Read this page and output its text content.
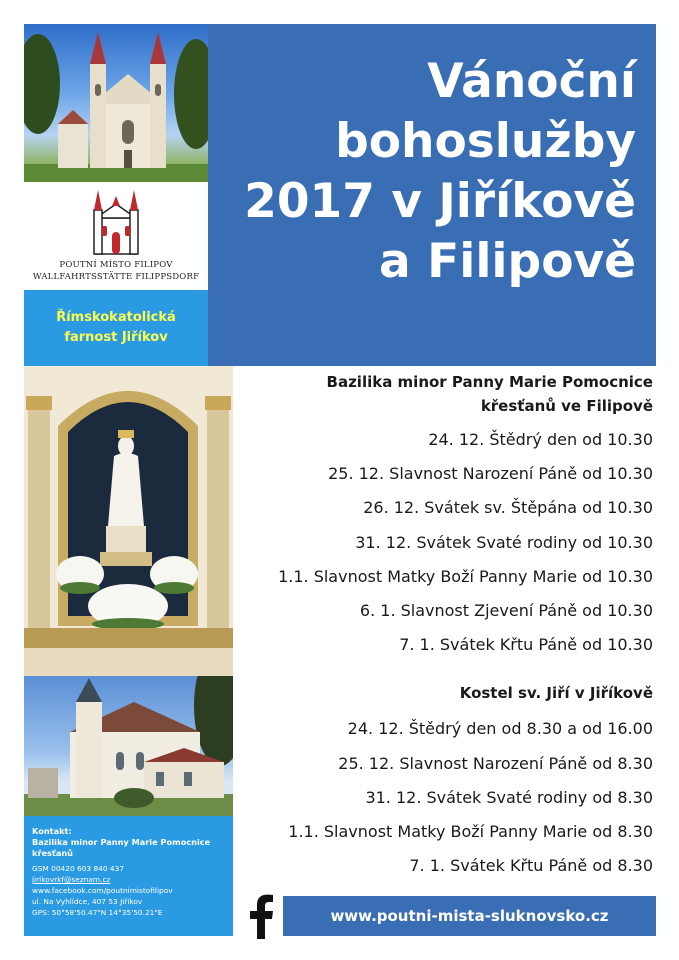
POUTNÍ MÍSTO FILIPOV
WALLFAHRTSSTÄTTE FILIPPSDORF
Římskokatolická
farnost Jiříkov
Vánoční
bohoslužby
2017 v Jiříkově
a Filipově
Kontakt:
Bazilika minor Panny Marie Pomocnice
křesťanů
GSM 00420 603 840 437
jirikovrkf@seznam.cz
www.facebook.com/poutnimistofilipov
ul. Na Vyhlídce, 407 53 Jiříkov
GPS: 50°58'50.47"N 14°35'50.21"E
Bazilika minor Panny Marie Pomocnice
křesťanů ve Filipově
24. 12. Štědrý den od 10.30
25. 12. Slavnost Narození Páně od 10.30
26. 12. Svátek sv. Štěpána od 10.30
31. 12. Svátek Svaté rodiny od 10.30
1.1. Slavnost Matky Boží Panny Marie od 10.30
6. 1. Slavnost Zjevení Páně od 10.30
7. 1. Svátek Křtu Páně od 10.30
Kostel sv. Jiří v Jiříkově
24. 12. Štědrý den od 8.30 a od 16.00
25. 12. Slavnost Narození Páně od 8.30
31. 12. Svátek Svaté rodiny od 8.30
1.1. Slavnost Matky Boží Panny Marie od 8.30
7. 1. Svátek Křtu Páně od 8.30
www.poutni-mista-sluknovsko.cz
